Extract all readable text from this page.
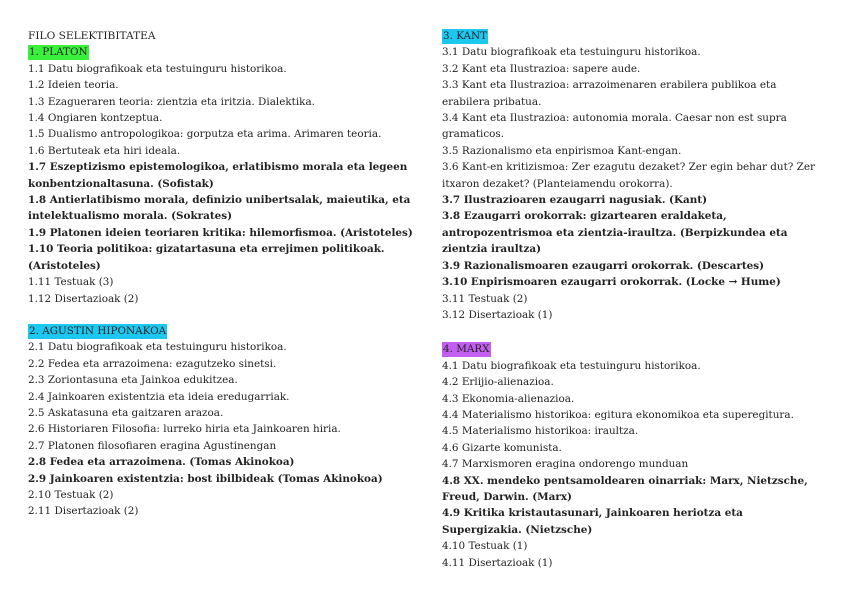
FILO SELEKTIBITATEA

1. PLATON

1.1 Datu biografikoak eta testuinguru historikoa.

1.2 Ideien teoria.

1.3 Ezagueraren teoria: zientzia eta iritzia. Dialektika.

1.4 Ongiaren kontzeptua.

1.5 Dualismo antropologikoa: gorputza eta arima. Arimaren teoria.

1.6 Bertuteak eta hiri ideala.

1.7 Eszeptizismo epistemologikoa, erlatibismo morala eta legeen konbentzionaltasuna. (Sofistak)

1.8 Antierlatibismo morala, definizio unibertsalak, maieutika, eta intelektualismo morala. (Sokrates)

1.9 Platonen ideien teoriaren kritika: hilemorfismoa. (Aristoteles)

1.10 Teoria politikoa: gizatartasuna eta errejimen politikoak. (Aristoteles)

1.11 Testuak (3)

1.12 Disertazioak (2)

2. AGUSTIN HIPONAKOA

2.1 Datu biografikoak eta testuinguru historikoa.

2.2 Fedea eta arrazoimena: ezagutzeko sinetsi.

2.3 Zoriontasuna eta Jainkoa edukitzea.

2.4 Jainkoaren existentzia eta ideia eredugarriak.

2.5 Askatasuna eta gaitzaren arazoa.

2.6 Historiaren Filosofia: lurreko hiria eta Jainkoaren hiria.

2.7 Platonen filosofiaren eragina Agustinengan

2.8 Fedea eta arrazoimena. (Tomas Akinokoa)

2.9 Jainkoaren existentzia: bost ibilbideak (Tomas Akinokoa)

2.10 Testuak (2)

2.11 Disertazioak (2)

3. KANT

3.1 Datu biografikoak eta testuinguru historikoa.

3.2 Kant eta Ilustrazioa: sapere aude.

3.3 Kant eta Ilustrazioa: arrazoimenaren erabilera publikoa eta erabilera pribatua.

3.4 Kant eta Ilustrazioa: autonomia morala. Caesar non est supra gramaticos.

3.5 Razionalismo eta enpirismoa Kant-engan.

3.6 Kant-en kritizismoa: Zer ezagutu dezaket? Zer egin behar dut? Zer itxaron dezaket? (Planteiamendu orokorra).

3.7 Ilustrazioaren ezaugarri nagusiak. (Kant)

3.8 Ezaugarri orokorrak: gizartearen eraldaketa, antropozentrismoa eta zientzia-iraultza. (Berpizkundea eta zientzia iraultza)

3.9 Razionalismoaren ezaugarri orokorrak. (Descartes)

3.10 Enpirismoaren ezaugarri orokorrak. (Locke → Hume)

3.11 Testuak (2)

3.12 Disertazioak (1)

4. MARX

4.1 Datu biografikoak eta testuinguru historikoa.

4.2 Erlijio-alienazioa.

4.3 Ekonomia-alienazioa.

4.4 Materialismo historikoa: egitura ekonomikoa eta superegitura.

4.5 Materialismo historikoa: iraultza.

4.6 Gizarte komunista.

4.7 Marxismoren eragina ondorengo munduan

4.8 XX. mendeko pentsamoldearen oinarriak: Marx, Nietzsche, Freud, Darwin. (Marx)

4.9 Kritika kristautasunari, Jainkoaren heriotza eta Supergizakia. (Nietzsche)

4.10 Testuak (1)

4.11 Disertazioak (1)
